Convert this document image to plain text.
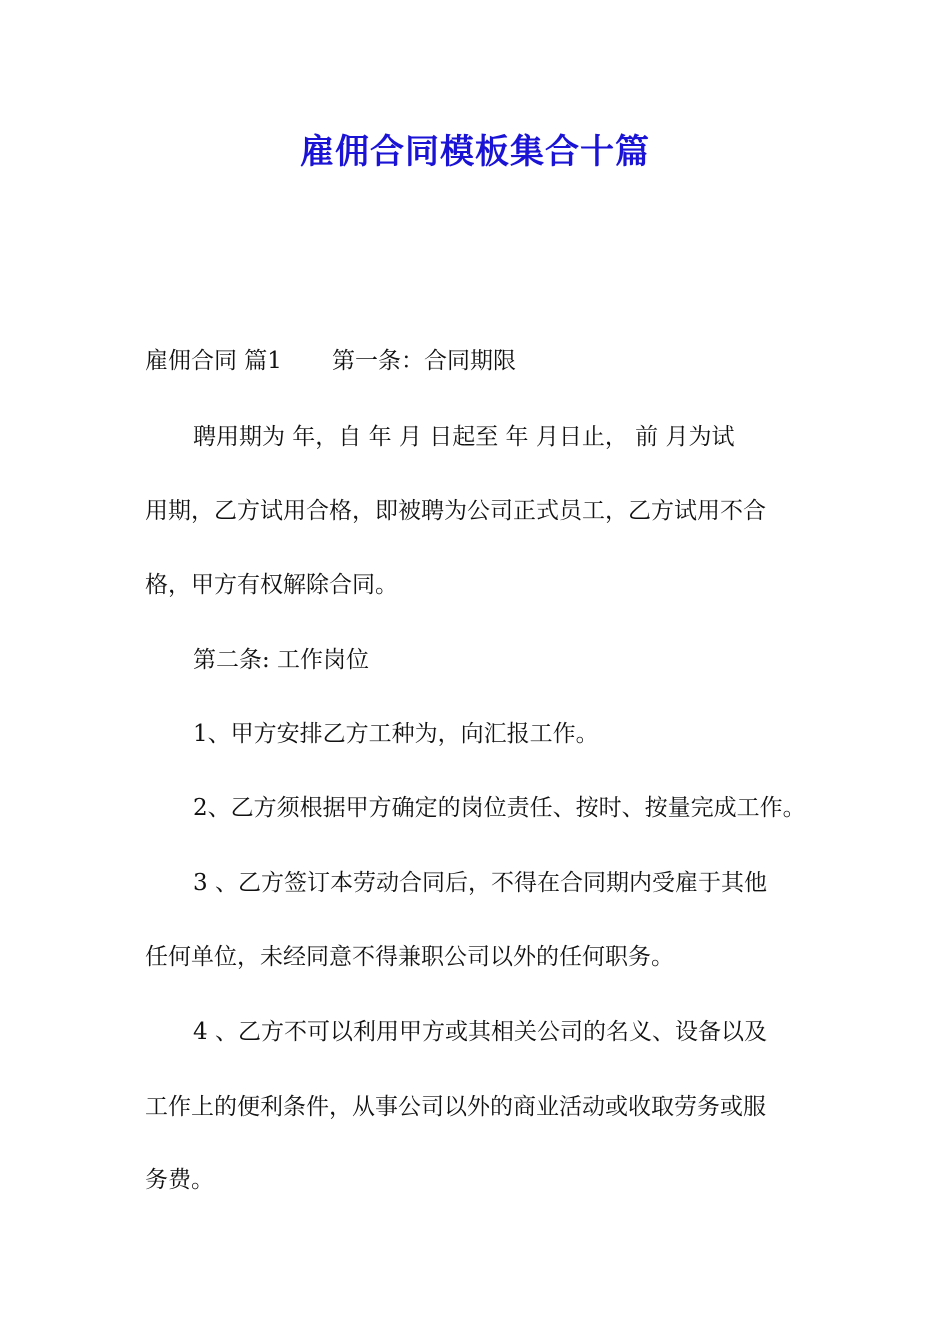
雇佣合同模板集合十篇

雇佣合同 篇1 第一条：合同期限

聘用期为 年，自 年 月 日起至 年 月日止， 前 月为试

用期，乙方试用合格，即被聘为公司正式员工，乙方试用不合

格，甲方有权解除合同。

第二条: 工作岗位

1、甲方安排乙方工种为，向汇报工作。

2、乙方须根据甲方确定的岗位责任、按时、按量完成工作。

3 、乙方签订本劳动合同后，不得在合同期内受雇于其他

任何单位，未经同意不得兼职公司以外的任何职务。

4 、乙方不可以利用甲方或其相关公司的名义、设备以及

工作上的便利条件，从事公司以外的商业活动或收取劳务或服

务费。
